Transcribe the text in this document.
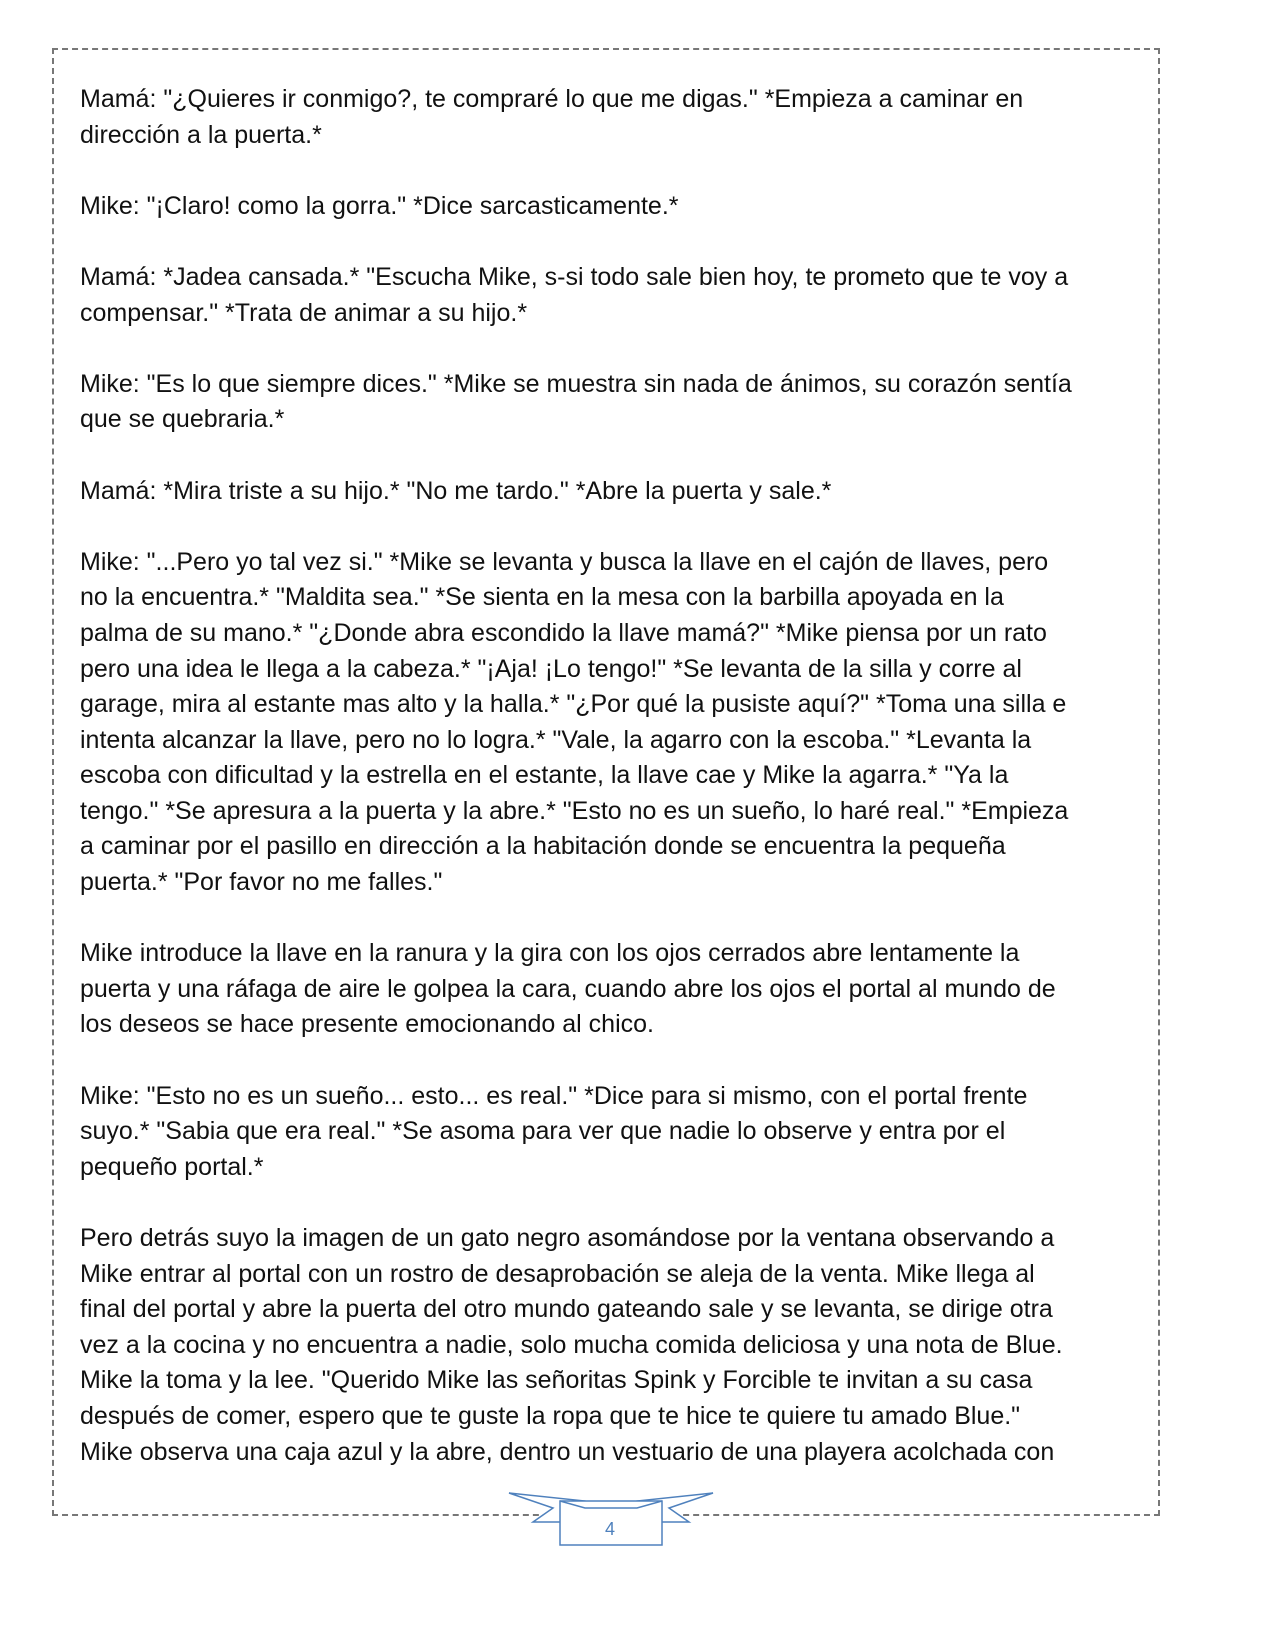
Mamá: "¿Quieres ir conmigo?, te compraré lo que me digas." *Empieza a caminar en
dirección a la puerta.*
Mike: "¡Claro! como la gorra." *Dice sarcasticamente.*
Mamá: *Jadea cansada.* "Escucha Mike, s-si todo sale bien hoy, te prometo que te voy a
compensar." *Trata de animar a su hijo.*
Mike: "Es lo que siempre dices." *Mike se muestra sin nada de ánimos, su corazón sentía
que se quebraria.*
Mamá: *Mira triste a su hijo.* "No me tardo." *Abre la puerta y sale.*
Mike: "...Pero yo tal vez si." *Mike se levanta y busca la llave en el cajón de llaves, pero
no la encuentra.* "Maldita sea." *Se sienta en la mesa con la barbilla apoyada en la
palma de su mano.* "¿Donde abra escondido la llave mamá?" *Mike piensa por un rato
pero una idea le llega a la cabeza.* "¡Aja! ¡Lo tengo!" *Se levanta de la silla y corre al
garage, mira al estante mas alto y la halla.* "¿Por qué la pusiste aquí?" *Toma una silla e
intenta alcanzar la llave, pero no lo logra.* "Vale, la agarro con la escoba." *Levanta la
escoba con dificultad y la estrella en el estante, la llave cae y Mike la agarra.* "Ya la
tengo." *Se apresura a la puerta y la abre.* "Esto no es un sueño, lo haré real." *Empieza
a caminar por el pasillo en dirección a la habitación donde se encuentra la pequeña
puerta.* "Por favor no me falles."
Mike introduce la llave en la ranura y la gira con los ojos cerrados abre lentamente la
puerta y una ráfaga de aire le golpea la cara, cuando abre los ojos el portal al mundo de
los deseos se hace presente emocionando al chico.
Mike: "Esto no es un sueño... esto... es real." *Dice para si mismo, con el portal frente
suyo.* "Sabia que era real." *Se asoma para ver que nadie lo observe y entra por el
pequeño portal.*
Pero detrás suyo la imagen de un gato negro asomándose por la ventana observando a
Mike entrar al portal con un rostro de desaprobación se aleja de la venta. Mike llega al
final del portal y abre la puerta del otro mundo gateando sale y se levanta, se dirige otra
vez a la cocina y no encuentra a nadie, solo mucha comida deliciosa y una nota de Blue.
Mike la toma y la lee. "Querido Mike las señoritas Spink y Forcible te invitan a su casa
después de comer, espero que te guste la ropa que te hice te quiere tu amado Blue."
Mike observa una caja azul y la abre, dentro un vestuario de una playera acolchada con
4
